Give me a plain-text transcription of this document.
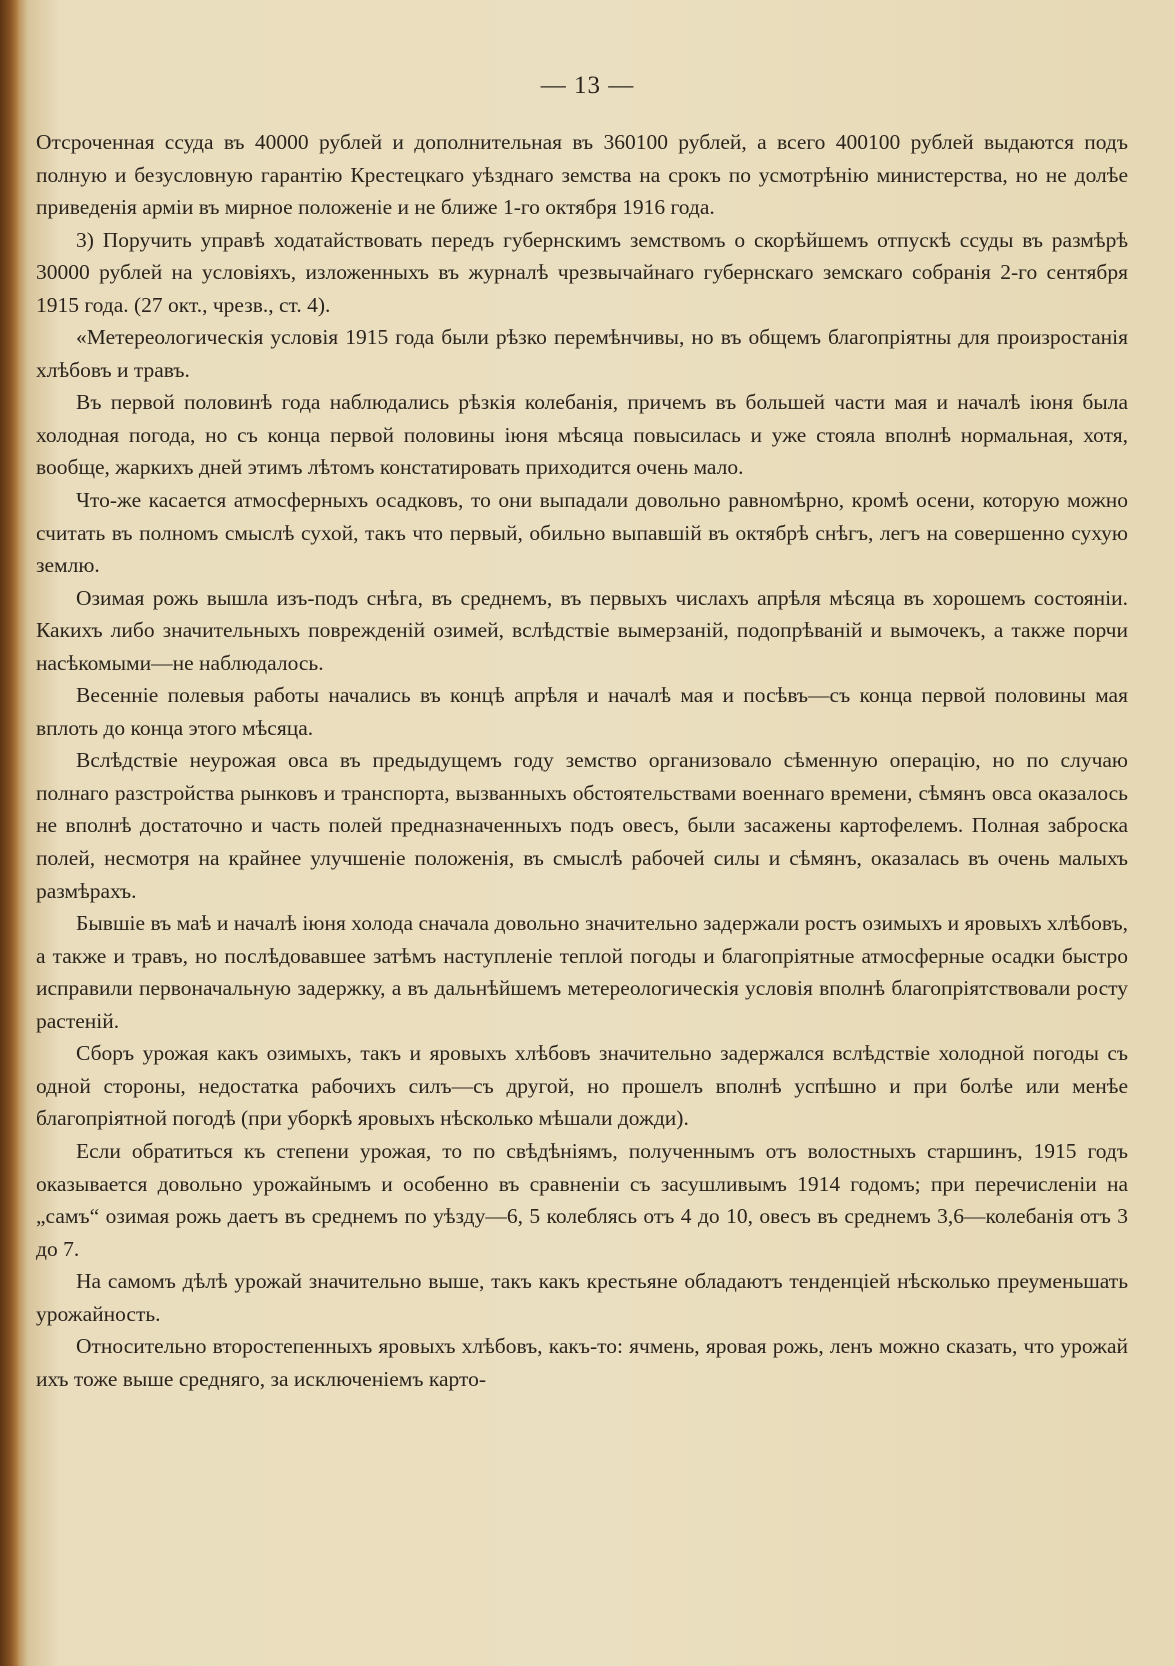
— 13 —

Отсроченная ссуда въ 40000 рублей и дополнительная въ 360100 рублей, а всего 400100 рублей выдаются подъ полную и безусловную гарантію Крестецкаго уѣзднаго земства на срокъ по усмотрѣнію министерства, но не долѣе приведенія арміи въ мирное положеніе и не ближе 1-го октября 1916 года.

3) Поручить управѣ ходатайствовать передъ губернскимъ земствомъ о скорѣйшемъ отпускѣ ссуды въ размѣрѣ 30000 рублей на условіяхъ, изложенныхъ въ журналѣ чрезвычайнаго губернскаго земскаго собранія 2-го сентября 1915 года. (27 окт., чрезв., ст. 4).

«Метереологическія условія 1915 года были рѣзко перемѣнчивы, но въ общемъ благопріятны для произростанія хлѣбовъ и травъ.

Въ первой половинѣ года наблюдались рѣзкія колебанія, причемъ въ большей части мая и началѣ іюня была холодная погода, но съ конца первой половины іюня мѣсяца повысилась и уже стояла вполнѣ нормальная, хотя, вообще, жаркихъ дней этимъ лѣтомъ констатировать приходится очень мало.

Что-же касается атмосферныхъ осадковъ, то они выпадали довольно равномѣрно, кромѣ осени, которую можно считать въ полномъ смыслѣ сухой, такъ что первый, обильно выпавшій въ октябрѣ снѣгъ, легъ на совершенно сухую землю.

Озимая рожь вышла изъ-подъ снѣга, въ среднемъ, въ первыхъ числахъ апрѣля мѣсяца въ хорошемъ состояніи. Какихъ либо значительныхъ поврежденій озимей, вслѣдствіе вымерзаній, подопрѣваній и вымочекъ, а также порчи насѣкомыми—не наблюдалось.

Весенніе полевыя работы начались въ концѣ апрѣля и началѣ мая и посѣвъ—съ конца первой половины мая вплоть до конца этого мѣсяца.

Вслѣдствіе неурожая овса въ предыдущемъ году земство организовало сѣменную операцію, но по случаю полнаго разстройства рынковъ и транспорта, вызванныхъ обстоятельствами военнаго времени, сѣмянъ овса оказалось не вполнѣ достаточно и часть полей предназначенныхъ подъ овесъ, были засажены картофелемъ. Полная заброска полей, несмотря на крайнее улучшеніе положенія, въ смыслѣ рабочей силы и сѣмянъ, оказалась въ очень малыхъ размѣрахъ.

Бывшіе въ маѣ и началѣ іюня холода сначала довольно значительно задержали ростъ озимыхъ и яровыхъ хлѣбовъ, а также и травъ, но послѣдовавшее затѣмъ наступленіе теплой погоды и благопріятные атмосферные осадки быстро исправили первоначальную задержку, а въ дальнѣйшемъ метереологическія условія вполнѣ благопріятствовали росту растеній.

Сборъ урожая какъ озимыхъ, такъ и яровыхъ хлѣбовъ значительно задержался вслѣдствіе холодной погоды съ одной стороны, недостатка рабочихъ силъ—съ другой, но прошелъ вполнѣ успѣшно и при болѣе или менѣе благопріятной погодѣ (при уборкѣ яровыхъ нѣсколько мѣшали дожди).

Если обратиться къ степени урожая, то по свѣдѣніямъ, полученнымъ отъ волостныхъ старшинъ, 1915 годъ оказывается довольно урожайнымъ и особенно въ сравненіи съ засушливымъ 1914 годомъ; при перечисленіи на „самъ“ озимая рожь даетъ въ среднемъ по уѣзду—6, 5 колеблясь отъ 4 до 10, овесъ въ среднемъ 3,6—колебанія отъ 3 до 7.

На самомъ дѣлѣ урожай значительно выше, такъ какъ крестьяне обладаютъ тенденціей нѣсколько преуменьшать урожайность.

Относительно второстепенныхъ яровыхъ хлѣбовъ, какъ-то: ячмень, яровая рожь, ленъ можно сказать, что урожай ихъ тоже выше средняго, за исключеніемъ карто-
